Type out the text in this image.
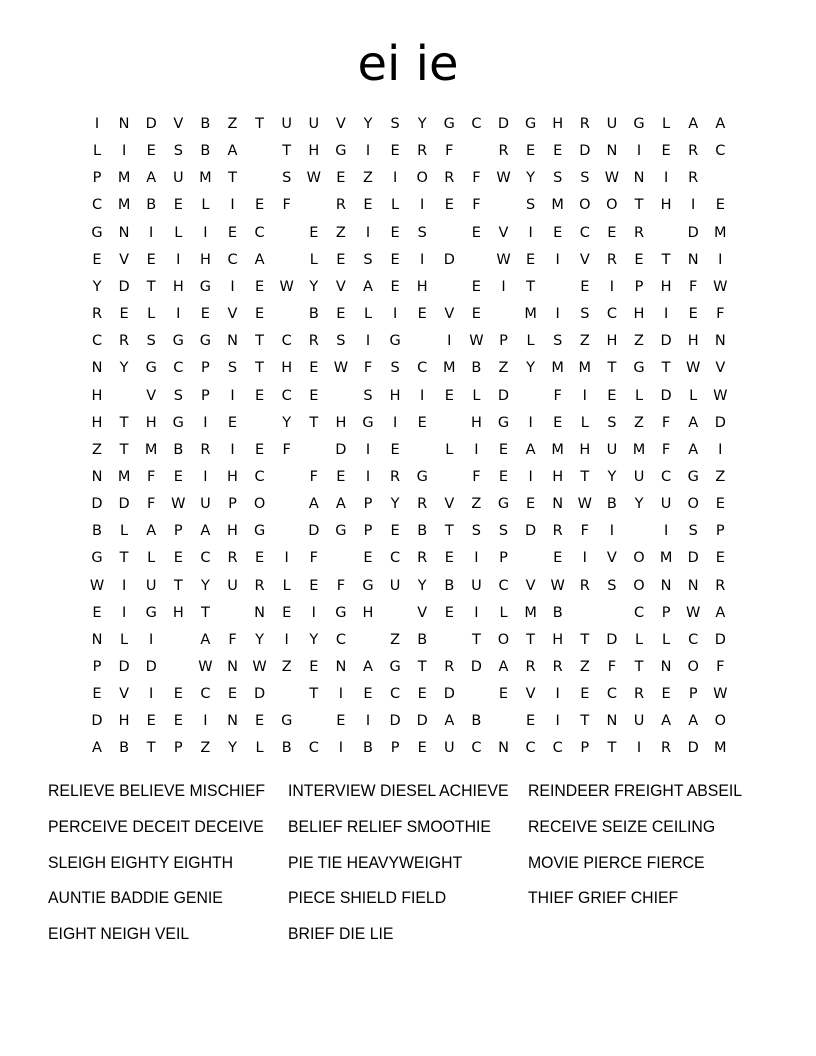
ei ie
I	N	D	V	B	Z	T	U	U	V	Y	S	Y	G	C	D	G	H	R	U	G	L	A	A
L	I	E	S	B	A	T	H	G	I	E	R	F	R	E	E	D	N	I	E	R	C
P	M	A	U	M	T	S	W	E	Z	I	O	R	F	W	Y	S	S	W	N	I	R
C	M	B	E	L	I	E	F	R	E	L	I	E	F	S	M	O	O	T	H	I	E
G	N	I	L	I	E	C	E	Z	I	E	S	E	V	I	E	C	E	R	D	M
E	V	E	I	H	C	A	L	E	S	E	I	D	W	E	I	V	R	E	T	N	I
Y	D	T	H	G	I	E	W	Y	V	A	E	H	E	I	T	E	I	P	H	F	W
R	E	L	I	E	V	E	B	E	L	I	E	V	E	M	I	S	C	H	I	E	F
C	R	S	G	G	N	T	C	R	S	I	G	I	W	P	L	S	Z	H	Z	D	H	N
N	Y	G	C	P	S	T	H	E	W	F	S	C	M	B	Z	Y	M	M	T	G	T	W	V
H	V	S	P	I	E	C	E	S	H	I	E	L	D	F	I	E	L	D	L	W
H	T	H	G	I	E	Y	T	H	G	I	E	H	G	I	E	L	S	Z	F	A	D
Z	T	M	B	R	I	E	F	D	I	E	L	I	E	A	M	H	U	M	F	A	I
N	M	F	E	I	H	C	F	E	I	R	G	F	E	I	H	T	Y	U	C	G	Z
D	D	F	W	U	P	O	A	A	P	Y	R	V	Z	G	E	N	W	B	Y	U	O	E
B	L	A	P	A	H	G	D	G	P	E	B	T	S	S	D	R	F	I	I	S	P
G	T	L	E	C	R	E	I	F	E	C	R	E	I	P	E	I	V	O	M	D	E
W	I	U	T	Y	U	R	L	E	F	G	U	Y	B	U	C	V	W	R	S	O	N	N	R
E	I	G	H	T	N	E	I	G	H	V	E	I	L	M	B	C	P	W	A
N	L	I	A	F	Y	I	Y	C	Z	B	T	O	T	H	T	D	L	L	C	D
P	D	D	W	N	W	Z	E	N	A	G	T	R	D	A	R	R	Z	F	T	N	O	F
E	V	I	E	C	E	D	T	I	E	C	E	D	E	V	I	E	C	R	E	P	W
D	H	E	E	I	N	E	G	E	I	D	D	A	B	E	I	T	N	U	A	A	O
A	B	T	P	Z	Y	L	B	C	I	B	P	E	U	C	N	C	C	P	T	I	R	D	M
RELIEVE BELIEVE MISCHIEF
PERCEIVE DECEIT DECEIVE
SLEIGH EIGHTY EIGHTH
AUNTIE BADDIE GENIE
EIGHT NEIGH VEIL
INTERVIEW DIESEL ACHIEVE
BELIEF RELIEF SMOOTHIE
PIE TIE HEAVYWEIGHT
PIECE SHIELD FIELD
BRIEF DIE LIE
REINDEER FREIGHT ABSEIL
RECEIVE SEIZE CEILING
MOVIE PIERCE FIERCE
THIEF GRIEF CHIEF
